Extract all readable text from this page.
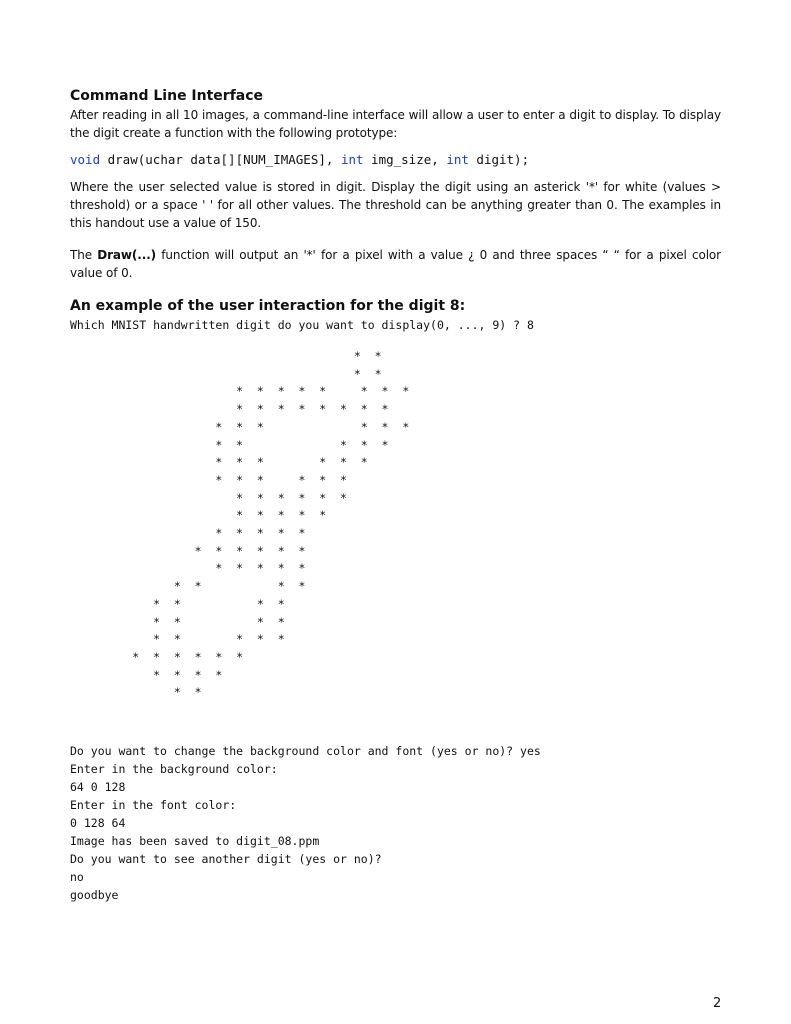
Command Line Interface

After reading in all 10 images, a command-line interface will allow a user to enter a digit to display. To display the digit create a function with the following prototype:

void draw(uchar data[][NUM_IMAGES], int img_size, int digit);

Where the user selected value is stored in digit. Display the digit using an asterick '*' for white (values > threshold) or a space ' ' for all other values. The threshold can be anything greater than 0. The examples in this handout use a value of 150.

The Draw(...) function will output an '*' for a pixel with a value ¿ 0 and three spaces “ “ for a pixel color value of 0.

An example of the user interaction for the digit 8:
Which MNIST handwritten digit do you want to display(0, ..., 9) ? 8
*  *
*  *
*  *  *  *  *     *  *  *
*  *  *  *  *  *  *  *
*  *  *              *  *  *
*  *              *  *  *
*  *  *        *  *  *
*  *  *     *  *  *
*  *  *  *  *  *
*  *  *  *  *
*  *  *  *  *
*  *  *  *  *  *
*  *  *  *  *
*  *           *  *
*  *           *  *
*  *           *  *
*  *        *  *  *
*  *  *  *  *  *
*  *  *  *
*  *
Do you want to change the background color and font (yes or no)? yes
Enter in the background color:
64 0 128
Enter in the font color:
0 128 64
Image has been saved to digit_08.ppm
Do you want to see another digit (yes or no)?
no
goodbye
2
